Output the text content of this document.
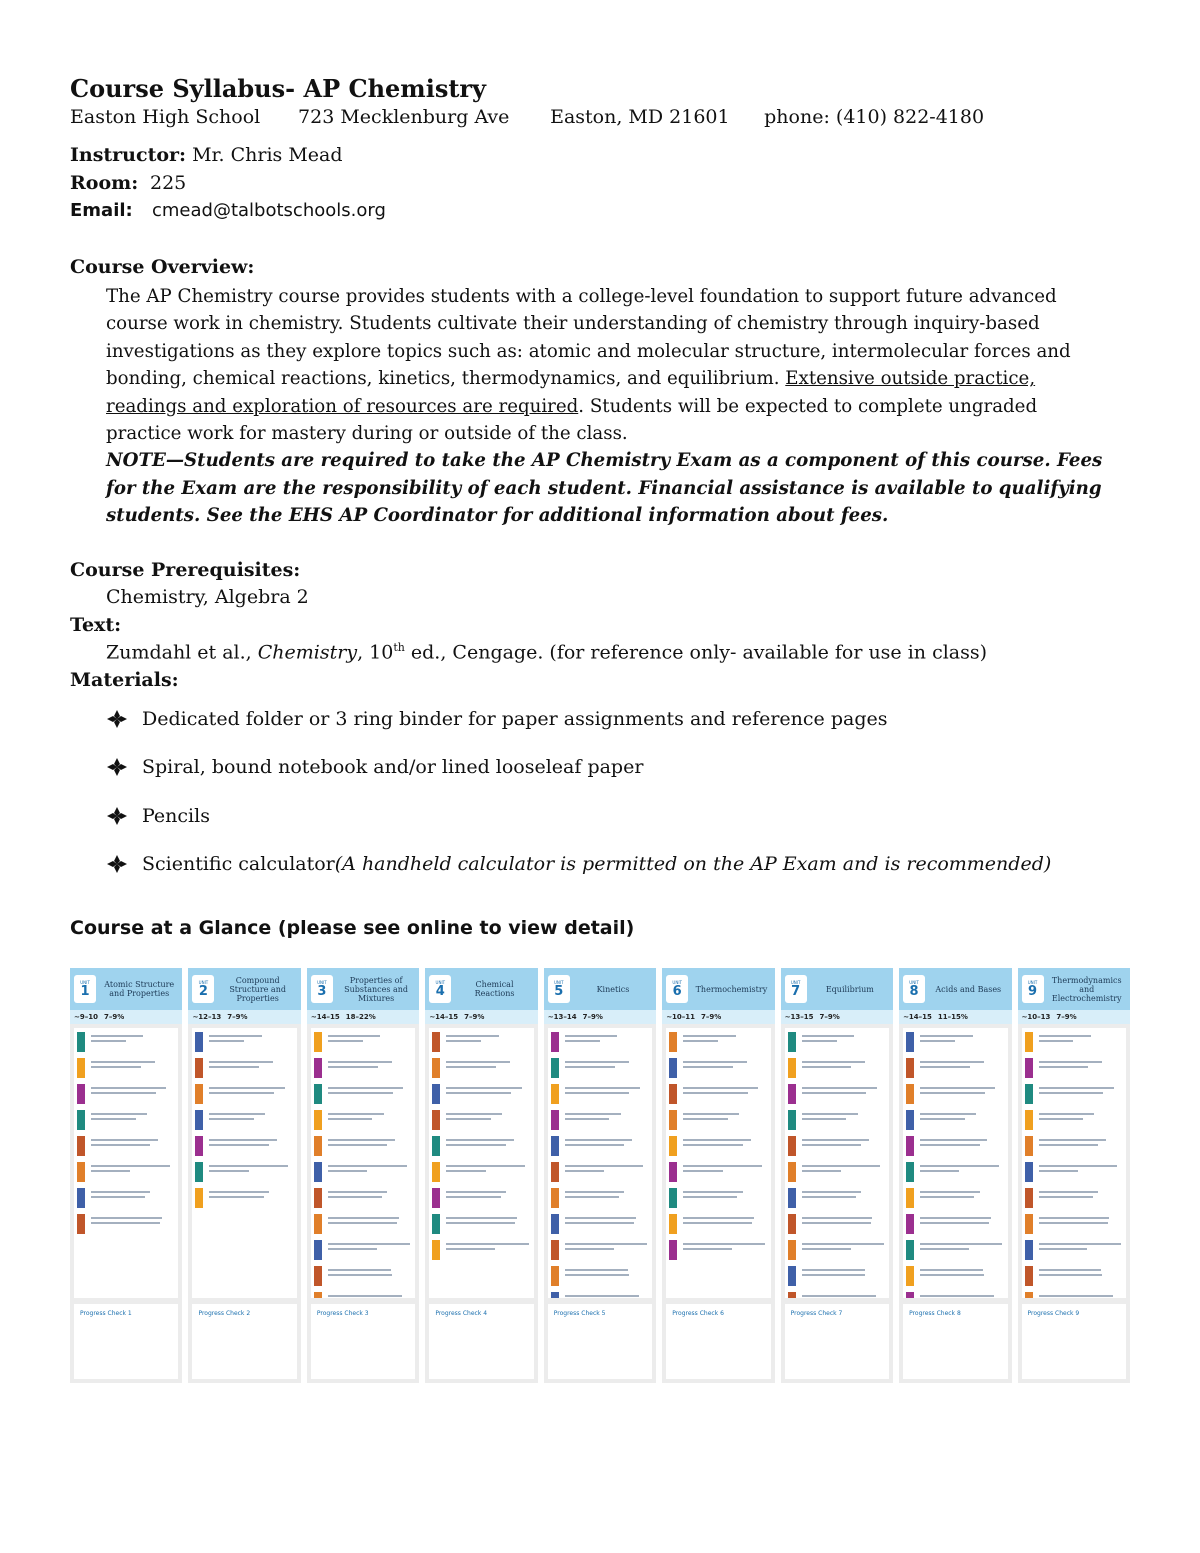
Course Syllabus- AP Chemistry
Easton High School 723 Mecklenburg Ave Easton, MD 21601 phone: (410) 822-4180
Instructor: Mr. Chris Mead
Room: 225
Email: cmead@talbotschools.org
Course Overview:

The AP Chemistry course provides students with a college-level foundation to support future advanced course work in chemistry. Students cultivate their understanding of chemistry through inquiry-based investigations as they explore topics such as: atomic and molecular structure, intermolecular forces and bonding, chemical reactions, kinetics, thermodynamics, and equilibrium. Extensive outside practice, readings and exploration of resources are required. Students will be expected to complete ungraded practice work for mastery during or outside of the class.

NOTE—Students are required to take the AP Chemistry Exam as a component of this course. Fees for the Exam are the responsibility of each student. Financial assistance is available to qualifying students. See the EHS AP Coordinator for additional information about fees.

Course Prerequisites:
Chemistry, Algebra 2
Text:
Zumdahl et al., Chemistry, 10th ed., Cengage. (for reference only- available for use in class)
Materials:
Dedicated folder or 3 ring binder for paper assignments and reference pages
Spiral, bound notebook and/or lined looseleaf paper
Pencils
Scientific calculator (A handheld calculator is permitted on the AP Exam and is recommended)
Course at a Glance (please see online to view detail)
UNIT
1	Atomic Structure and Properties
~9–10 7–9%
Progress Check 1
UNIT
2
Compound Structure and Properties
~12–13 7–9%
Progress Check 2
UNIT
3
Properties of Substances and Mixtures
~14–15 18–22%
Progress Check 3
UNIT
4	Chemical Reactions
~14–15 7–9%
Progress Check 4
UNIT
5	Kinetics
~13–14 7–9%
Progress Check 5
UNIT
6	Thermochemistry
~10–11 7–9%
Progress Check 6
UNIT
7	Equilibrium
~13–15 7–9%
Progress Check 7
UNIT
8	Acids and Bases
~14–15 11–15%
Progress Check 8
UNIT
9
Thermodynamics and Electrochemistry
~10–13 7–9%
Progress Check 9
